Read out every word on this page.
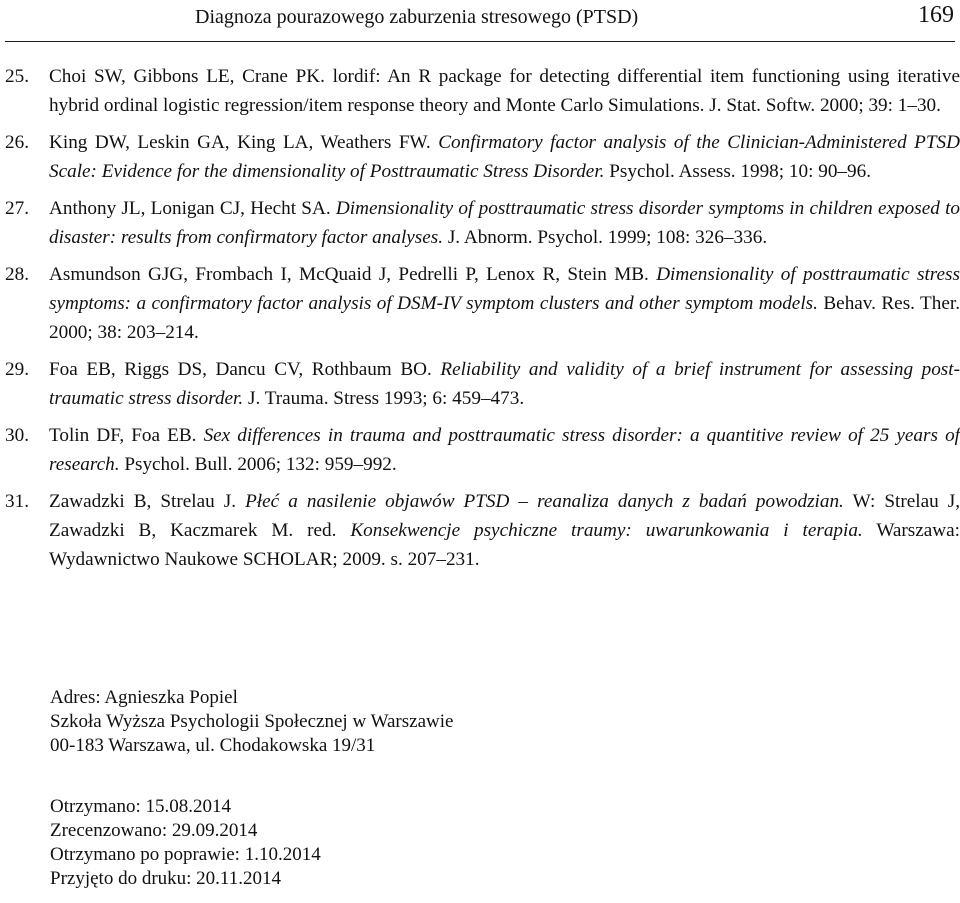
Diagnoza pourazowego zaburzenia stresowego (PTSD)	169
25. Choi SW, Gibbons LE, Crane PK. lordif: An R package for detecting differential item functioning using iterative hybrid ordinal logistic regression/item response theory and Monte Carlo Simulations. J. Stat. Softw. 2000; 39: 1–30.
26. King DW, Leskin GA, King LA, Weathers FW. Confirmatory factor analysis of the Clinician-Administered PTSD Scale: Evidence for the dimensionality of Posttraumatic Stress Disorder. Psychol. Assess. 1998; 10: 90–96.
27. Anthony JL, Lonigan CJ, Hecht SA. Dimensionality of posttraumatic stress disorder symptoms in children exposed to disaster: results from confirmatory factor analyses. J. Abnorm. Psychol. 1999; 108: 326–336.
28. Asmundson GJG, Frombach I, McQuaid J, Pedrelli P, Lenox R, Stein MB. Dimensionality of posttraumatic stress symptoms: a confirmatory factor analysis of DSM-IV symptom clusters and other symptom models. Behav. Res. Ther. 2000; 38: 203–214.
29. Foa EB, Riggs DS, Dancu CV, Rothbaum BO. Reliability and validity of a brief instrument for assessing post-traumatic stress disorder. J. Trauma. Stress 1993; 6: 459–473.
30. Tolin DF, Foa EB. Sex differences in trauma and posttraumatic stress disorder: a quantitive review of 25 years of research. Psychol. Bull. 2006; 132: 959–992.
31. Zawadzki B, Strelau J. Płeć a nasilenie objawów PTSD – reanaliza danych z badań powodzian. W: Strelau J, Zawadzki B, Kaczmarek M. red. Konsekwencje psychiczne traumy: uwarunkowania i terapia. Warszawa: Wydawnictwo Naukowe SCHOLAR; 2009. s. 207–231.
Adres: Agnieszka Popiel
Szkoła Wyższa Psychologii Społecznej w Warszawie
00-183 Warszawa, ul. Chodakowska 19/31
Otrzymano: 15.08.2014
Zrecenzowano: 29.09.2014
Otrzymano po poprawie: 1.10.2014
Przyjęto do druku: 20.11.2014
